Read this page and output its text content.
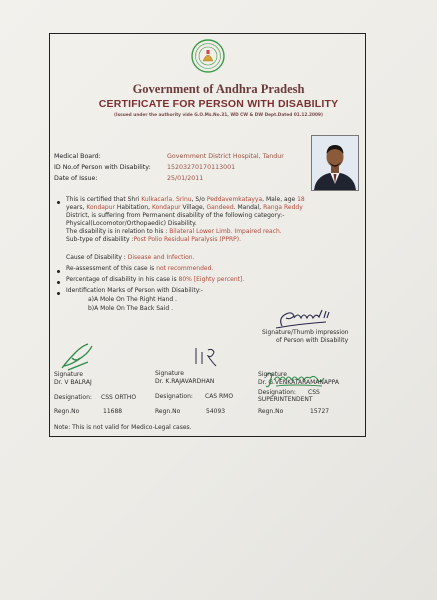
Government of Andhra Pradesh
CERTIFICATE FOR PERSON WITH DISABILITY
(Issued under the authority vide G.O.Ms.No.31, WD CW & DW Dept.Dated 01.12.2009)
Medical Board:	Government District Hospital, Tandur
ID No.of Person with Disability:	15203270170113001
Date of Issue:	25/01/2011
This is certified that Shri Kulkacarla. Srinu, S/o Peddavemkatayya, Male, age 18
years, Kondapur Habitation, Kondapur Village, Gandeed. Mandal, Ranga Reddy
District, is suffering from Permanent disability of the following category:-
Physical(Locomotor/Orthopaedic) Disability.
The disability is in relation to his : Bilateral Lower Limb. Impaired reach.
Sub-type of disability :Post Polio Residual Paralysis (PPRP).
Cause of Disability : Disease and Infection.
Re-assessment of this case is not recommended.
Percentage of disability in his case is 80% [Eighty percent].
Identification Marks of Person with Disability:-
a)A Mole On The Right Hand .
b)A Mole On The Back Said .
Signature/Thumb impression
of Person with Disability
Signature
Dr. V BALRAJ
Designation: CSS ORTHO
Regn.No	11688
Signature
Dr. K.RAJAVARDHAN
Designation: CAS RMO
Regn.No	54093
Signature
Dr. G.VENKATARAMANAPPA
Designation: CSS
SUPERINTENDENT
Regn.No	15727
Note: This is not valid for Medico-Legal cases.
